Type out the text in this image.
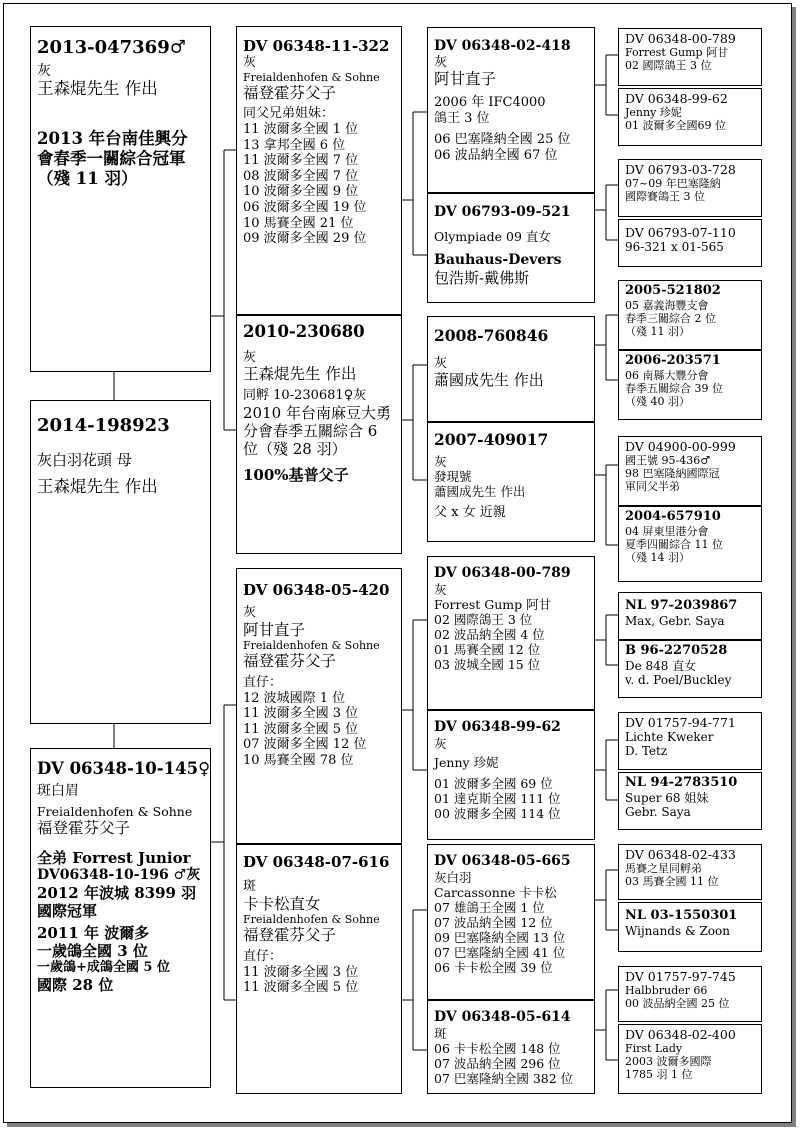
2013-047369♂
灰
王森焜先生 作出
2013 年台南佳興分會春季一關綜合冠軍（殘 11 羽）
2014-198923
灰白羽花頭 母
王森焜先生 作出
DV 06348-10-145♀
斑白眉
Freialdenhofen & Sohne
福登霍芬父子
全弟 Forrest Junior
DV06348-10-196 ♂灰
2012 年波城 8399 羽國際冠軍
2011 年 波爾多
一歲鴿全國 3 位
一歲鴿+成鴿全國 5 位
國際 28 位
DV 06348-11-322
灰
Freialdenhofen & Sohne
福登霍芬父子
同父兄弟姐妹：
11 波爾多全國 1 位
13 拿邦全國 6 位
11 波爾多全國 7 位
08 波爾多全國 7 位
10 波爾多全國 9 位
06 波爾多全國 19 位
10 馬賽全國 21 位
09 波爾多全國 29 位
2010-230680
灰
王森焜先生 作出
同孵 10-230681♀灰
2010 年台南麻豆大勇分會春季五關綜合 6 位（殘 28 羽）
100%基普父子
DV 06348-05-420
灰
阿甘直子
Freialdenhofen & Sohne
福登霍芬父子
直仔：
12 波城國際 1 位
11 波爾多全國 3 位
11 波爾多全國 5 位
07 波爾多全國 12 位
10 馬賽全國 78 位
DV 06348-07-616
斑
卡卡松直女
Freialdenhofen & Sohne
福登霍芬父子
直仔：
11 波爾多全國 3 位
11 波爾多全國 5 位
DV 06348-02-418
灰
阿甘直子
2006 年 IFC4000
鴿王 3 位
06 巴塞隆納全國 25 位
06 波品納全國 67 位
DV 06793-09-521
Olympiade 09 直女
Bauhaus-Devers
包浩斯-戴佛斯
2008-760846
灰
蕭國成先生 作出
2007-409017
灰
發現號
蕭國成先生 作出
父 x 女 近親
DV 06348-00-789
灰
Forrest Gump 阿甘
02 國際鴿王 3 位
02 波品納全國 4 位
01 馬賽全國 12 位
03 波城全國 15 位
DV 06348-99-62
灰
Jenny 珍妮
01 波爾多全國 69 位
01 達克斯全國 111 位
00 波爾多全國 114 位
DV 06348-05-665
灰白羽
Carcassonne 卡卡松
07 雄鴿王全國 1 位
07 波品納全國 12 位
09 巴塞隆納全國 13 位
07 巴塞隆納全國 41 位
06 卡卡松全國 39 位
DV 06348-05-614
斑
06 卡卡松全國 148 位
07 波品納全國 296 位
07 巴塞隆納全國 382 位
DV 06348-00-789
Forrest Gump 阿甘
02 國際鴿王 3 位
DV 06348-99-62
Jenny 珍妮
01 波爾多全國69 位
DV 06793-03-728
07~09 年巴塞隆納
國際賽鴿王 3 位
DV 06793-07-110
96-321 x 01-565
2005-521802
05 嘉義海豐支會
春季三關綜合 2 位
（殘 11 羽）
2006-203571
06 南縣大豐分會
春季五關綜合 39 位
（殘 40 羽）
DV 04900-00-999
國王號 95-436♂
98 巴塞隆納國際冠
軍同父半弟
2004-657910
04 屏東里港分會
夏季四關綜合 11 位
（殘 14 羽）
NL 97-2039867
Max, Gebr. Saya
B 96-2270528
De 848 直女
v. d. Poel/Buckley
DV 01757-94-771
Lichte Kweker
D. Tetz
NL 94-2783510
Super 68 姐妹
Gebr. Saya
DV 06348-02-433
馬賽之星同孵弟
03 馬賽全國 11 位
NL 03-1550301
Wijnands & Zoon
DV 01757-97-745
Halbbruder 66
00 波品納全國 25 位
DV 06348-02-400
First Lady
2003 波爾多國際
1785 羽 1 位
